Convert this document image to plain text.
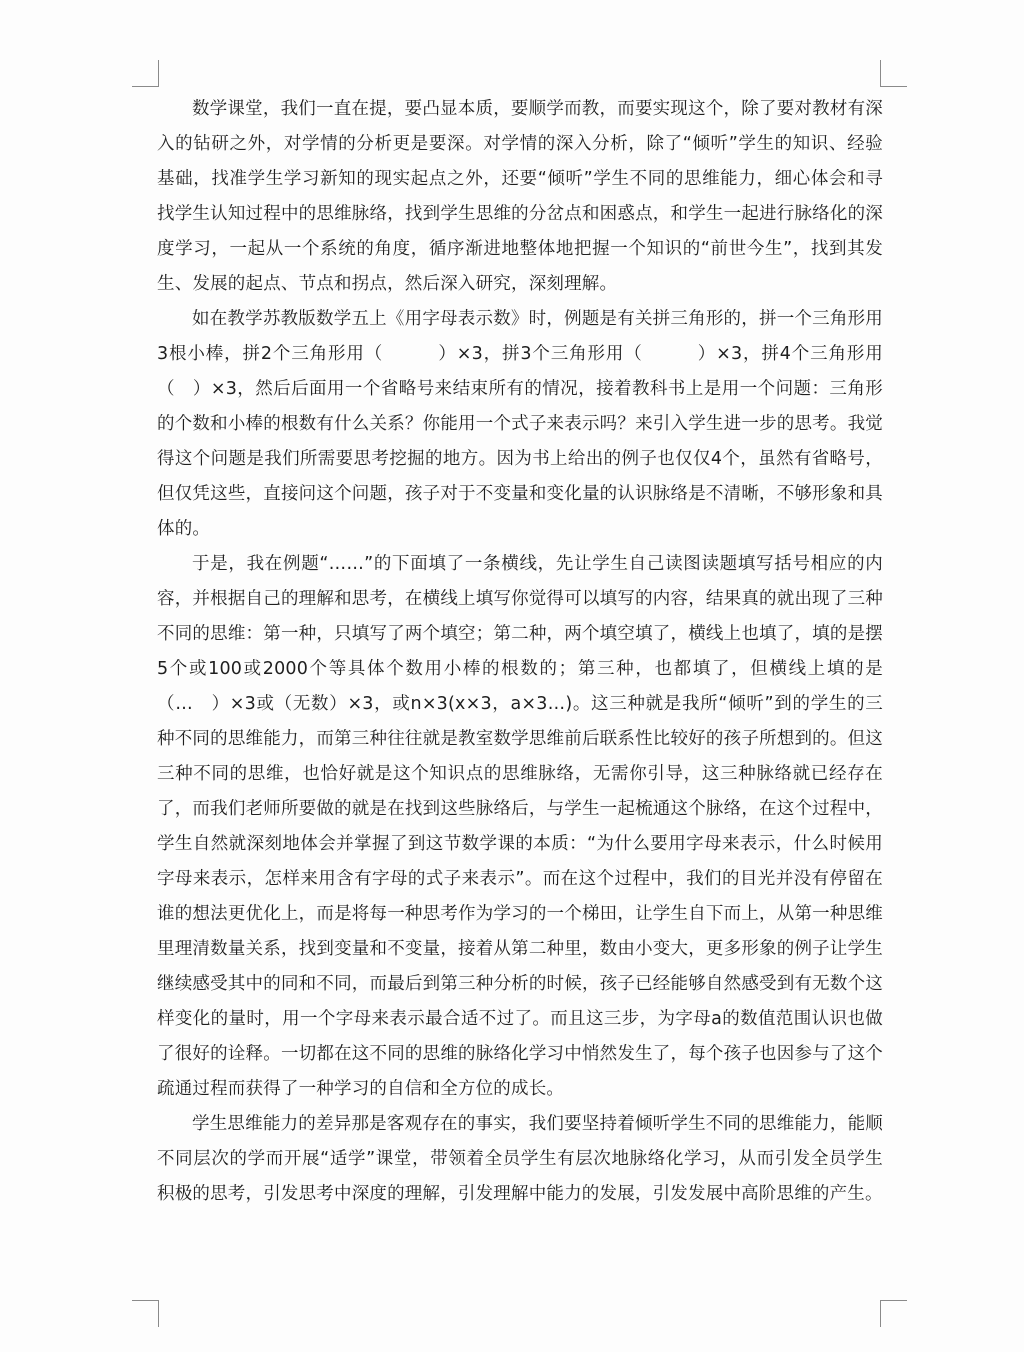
数学课堂，我们一直在提，要凸显本质，要顺学而教，而要实现这个，除了要对教材有深入的钻研之外，对学情的分析更是要深。对学情的深入分析，除了“倾听”学生的知识、经验基础，找准学生学习新知的现实起点之外，还要“倾听”学生不同的思维能力，细心体会和寻找学生认知过程中的思维脉络，找到学生思维的分岔点和困惑点，和学生一起进行脉络化的深度学习，一起从一个系统的角度，循序渐进地整体地把握一个知识的“前世今生”，找到其发生、发展的起点、节点和拐点，然后深入研究，深刻理解。

如在教学苏教版数学五上《用字母表示数》时，例题是有关拼三角形的，拼一个三角形用3根小棒，拼2个三角形用（　　　）×3，拼3个三角形用（　　　）×3，拼4个三角形用（　）×3，然后后面用一个省略号来结束所有的情况，接着教科书上是用一个问题：三角形的个数和小棒的根数有什么关系？你能用一个式子来表示吗？来引入学生进一步的思考。我觉得这个问题是我们所需要思考挖掘的地方。因为书上给出的例子也仅仅4个，虽然有省略号，但仅凭这些，直接问这个问题，孩子对于不变量和变化量的认识脉络是不清晰，不够形象和具体的。

于是，我在例题“……”的下面填了一条横线，先让学生自己读图读题填写括号相应的内容，并根据自己的理解和思考，在横线上填写你觉得可以填写的内容，结果真的就出现了三种不同的思维：第一种，只填写了两个填空；第二种，两个填空填了，横线上也填了，填的是摆5个或100或2000个等具体个数用小棒的根数的；第三种，也都填了，但横线上填的是（…　）×3或（无数）×3，或n×3(x×3，a×3…)。这三种就是我所“倾听”到的学生的三种不同的思维能力，而第三种往往就是教室数学思维前后联系性比较好的孩子所想到的。但这三种不同的思维，也恰好就是这个知识点的思维脉络，无需你引导，这三种脉络就已经存在了，而我们老师所要做的就是在找到这些脉络后，与学生一起梳通这个脉络，在这个过程中，学生自然就深刻地体会并掌握了到这节数学课的本质：“为什么要用字母来表示，什么时候用字母来表示，怎样来用含有字母的式子来表示”。而在这个过程中，我们的目光并没有停留在谁的想法更优化上，而是将每一种思考作为学习的一个梯田，让学生自下而上，从第一种思维里理清数量关系，找到变量和不变量，接着从第二种里，数由小变大，更多形象的例子让学生继续感受其中的同和不同，而最后到第三种分析的时候，孩子已经能够自然感受到有无数个这样变化的量时，用一个字母来表示最合适不过了。而且这三步，为字母a的数值范围认识也做了很好的诠释。一切都在这不同的思维的脉络化学习中悄然发生了，每个孩子也因参与了这个疏通过程而获得了一种学习的自信和全方位的成长。

学生思维能力的差异那是客观存在的事实，我们要坚持着倾听学生不同的思维能力，能顺不同层次的学而开展“适学”课堂，带领着全员学生有层次地脉络化学习，从而引发全员学生积极的思考，引发思考中深度的理解，引发理解中能力的发展，引发发展中高阶思维的产生。
